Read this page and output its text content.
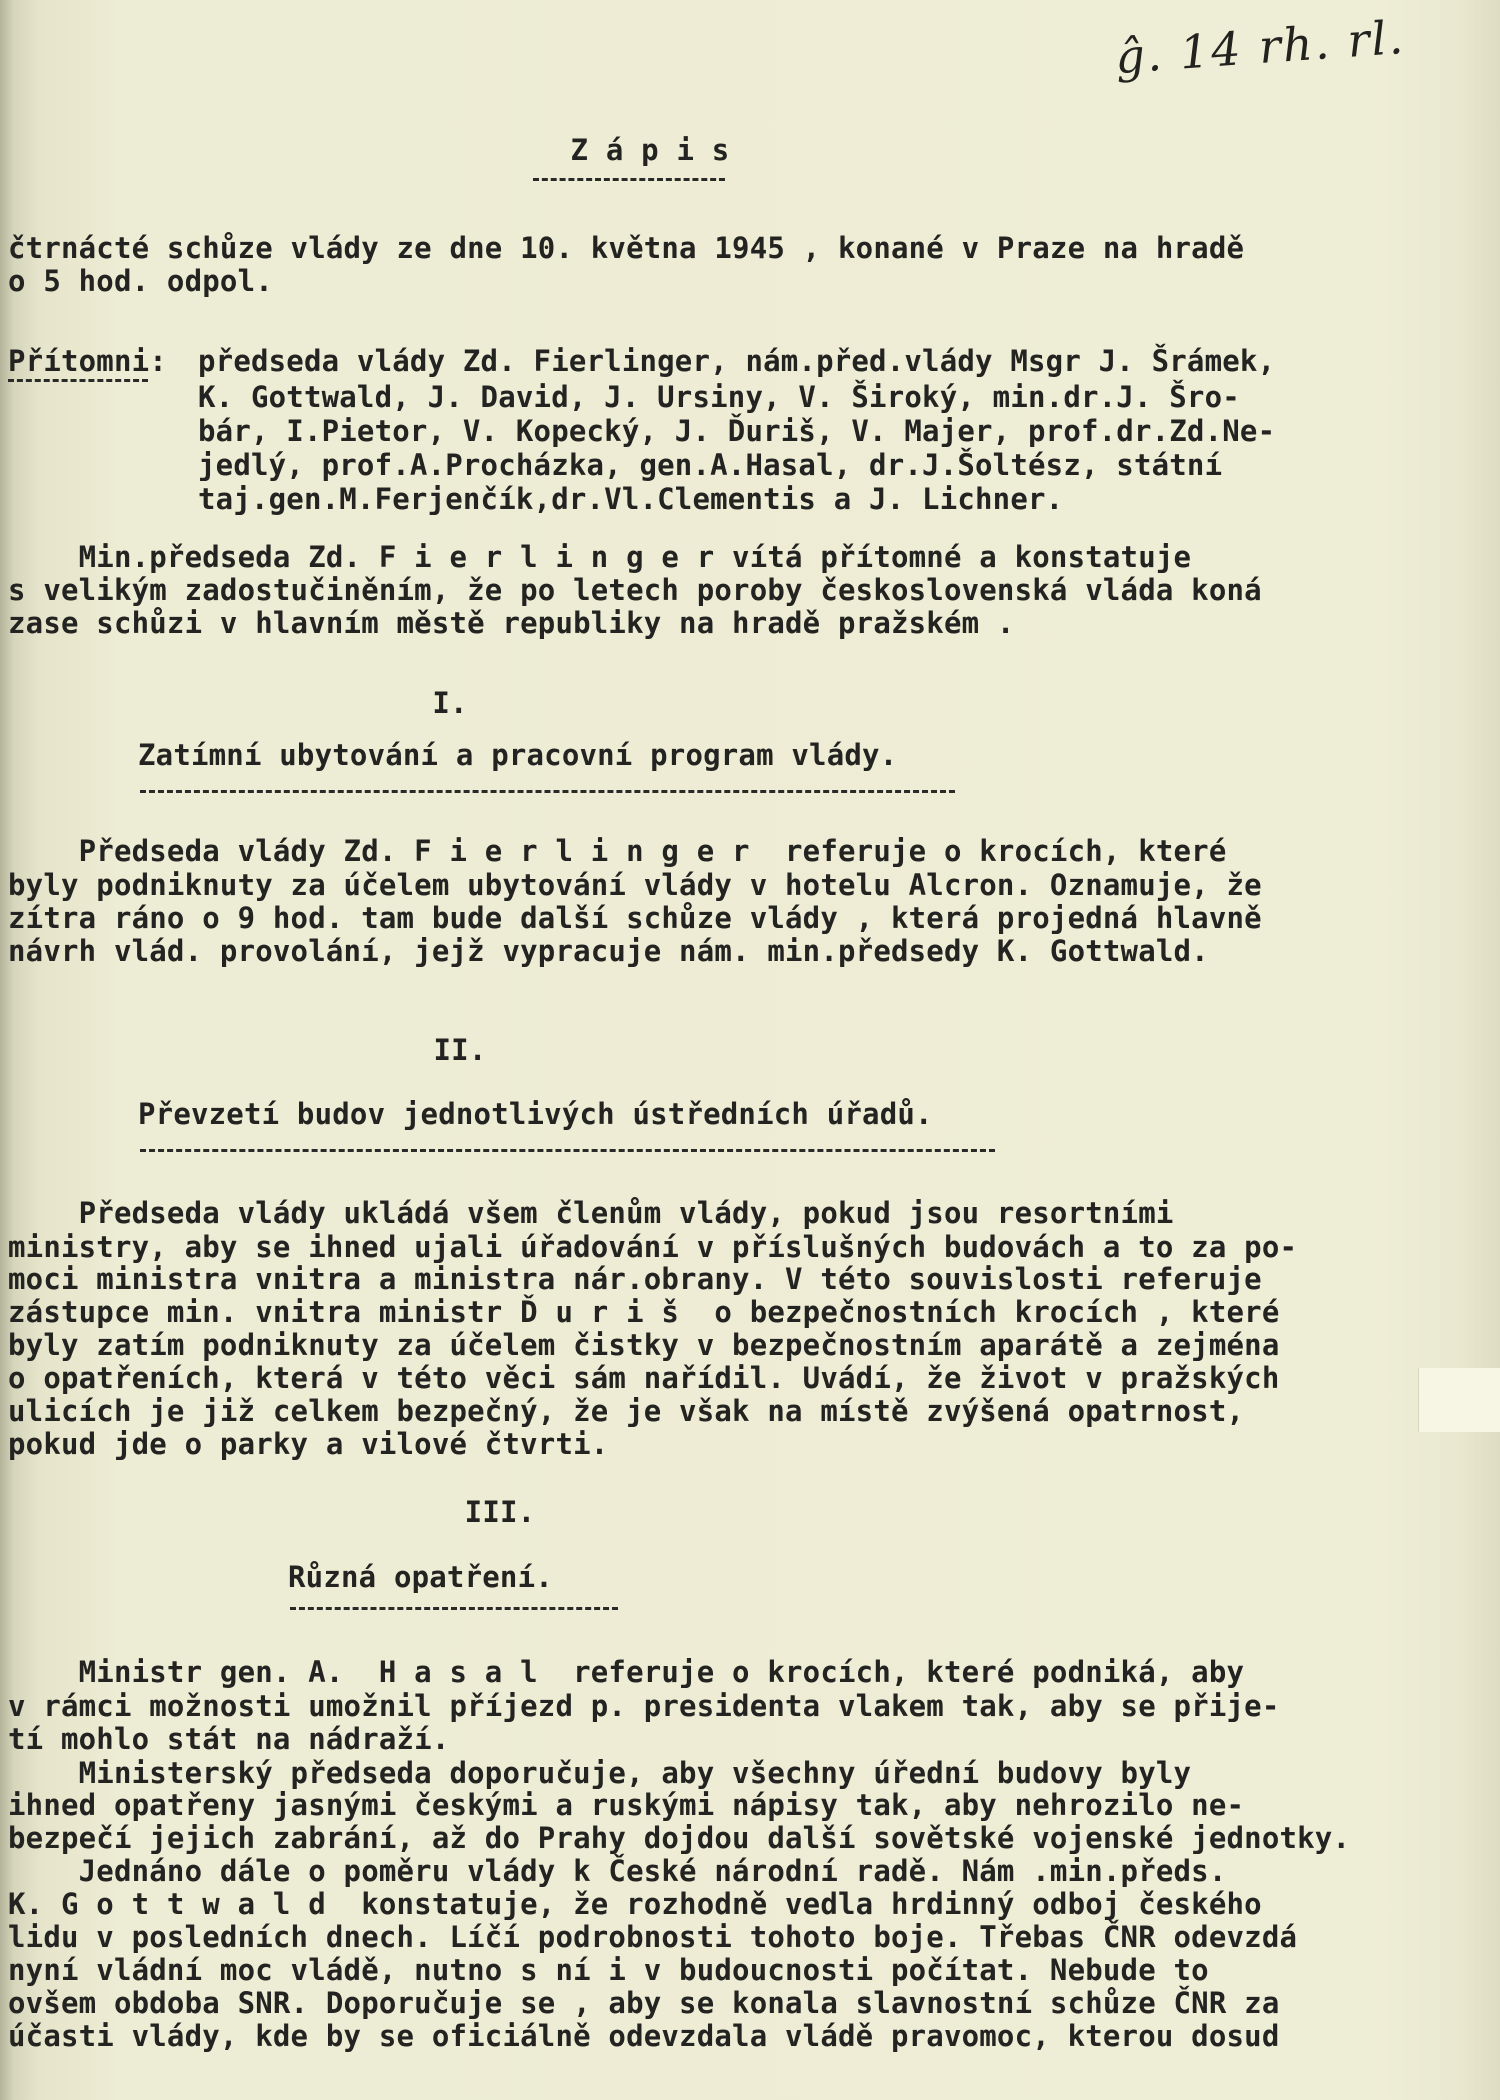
ĝ. 14 rh. rl.
Z á p i s
čtrnácté schůze vlády ze dne 10. května 1945 , konané v Praze na hradě
o 5 hod. odpol.
Přítomni: předseda vlády Zd. Fierlinger, nám.před.vlády Msgr J. Šrámek,
K. Gottwald, J. David, J. Ursiny, V. Široký, min.dr.J. Šro-
bár, I.Pietor, V. Kopecký, J. Ďuriš, V. Majer, prof.dr.Zd.Ne-
jedlý, prof.A.Procházka, gen.A.Hasal, dr.J.Šoltész, státní
taj.gen.M.Ferjenčík,dr.Vl.Clementis a J. Lichner.
Min.předseda Zd. F i e r l i n g e r vítá přítomné a konstatuje
s velikým zadostučiněním, že po letech poroby československá vláda koná
zase schůzi v hlavním městě republiky na hradě pražském .
I.
Zatímní ubytování a pracovní program vlády.
Předseda vlády Zd. F i e r l i n g e r  referuje o krocích, které
byly podniknuty za účelem ubytování vlády v hotelu Alcron. Oznamuje, že
zítra ráno o 9 hod. tam bude další schůze vlády , která projedná hlavně
návrh vlád. provolání, jejž vypracuje nám. min.předsedy K. Gottwald.
II.
Převzetí budov jednotlivých ústředních úřadů.
Předseda vlády ukládá všem členům vlády, pokud jsou resortními
ministry, aby se ihned ujali úřadování v příslušných budovách a to za po-
moci ministra vnitra a ministra nár.obrany. V této souvislosti referuje
zástupce min. vnitra ministr Ď u r i š  o bezpečnostních krocích , které
byly zatím podniknuty za účelem čistky v bezpečnostním aparátě a zejména
o opatřeních, která v této věci sám nařídil. Uvádí, že život v pražských
ulicích je již celkem bezpečný, že je však na místě zvýšená opatrnost,
pokud jde o parky a vilové čtvrti.
III.
Různá opatření.
Ministr gen. A.  H a s a l  referuje o krocích, které podniká, aby
v rámci možnosti umožnil příjezd p. presidenta vlakem tak, aby se přije-
tí mohlo stát na nádraží.
Ministerský předseda doporučuje, aby všechny úřední budovy byly
ihned opatřeny jasnými českými a ruskými nápisy tak, aby nehrozilo ne-
bezpečí jejich zabrání, až do Prahy dojdou další sovětské vojenské jednotky.
Jednáno dále o poměru vlády k České národní radě. Nám .min.předs.
K. G o t t w a l d  konstatuje, že rozhodně vedla hrdinný odboj českého
lidu v posledních dnech. Líčí podrobnosti tohoto boje. Třebas ČNR odevzdá
nyní vládní moc vládě, nutno s ní i v budoucnosti počítat. Nebude to
ovšem obdoba SNR. Doporučuje se , aby se konala slavnostní schůze ČNR za
účasti vlády, kde by se oficiálně odevzdala vládě pravomoc, kterou dosud
